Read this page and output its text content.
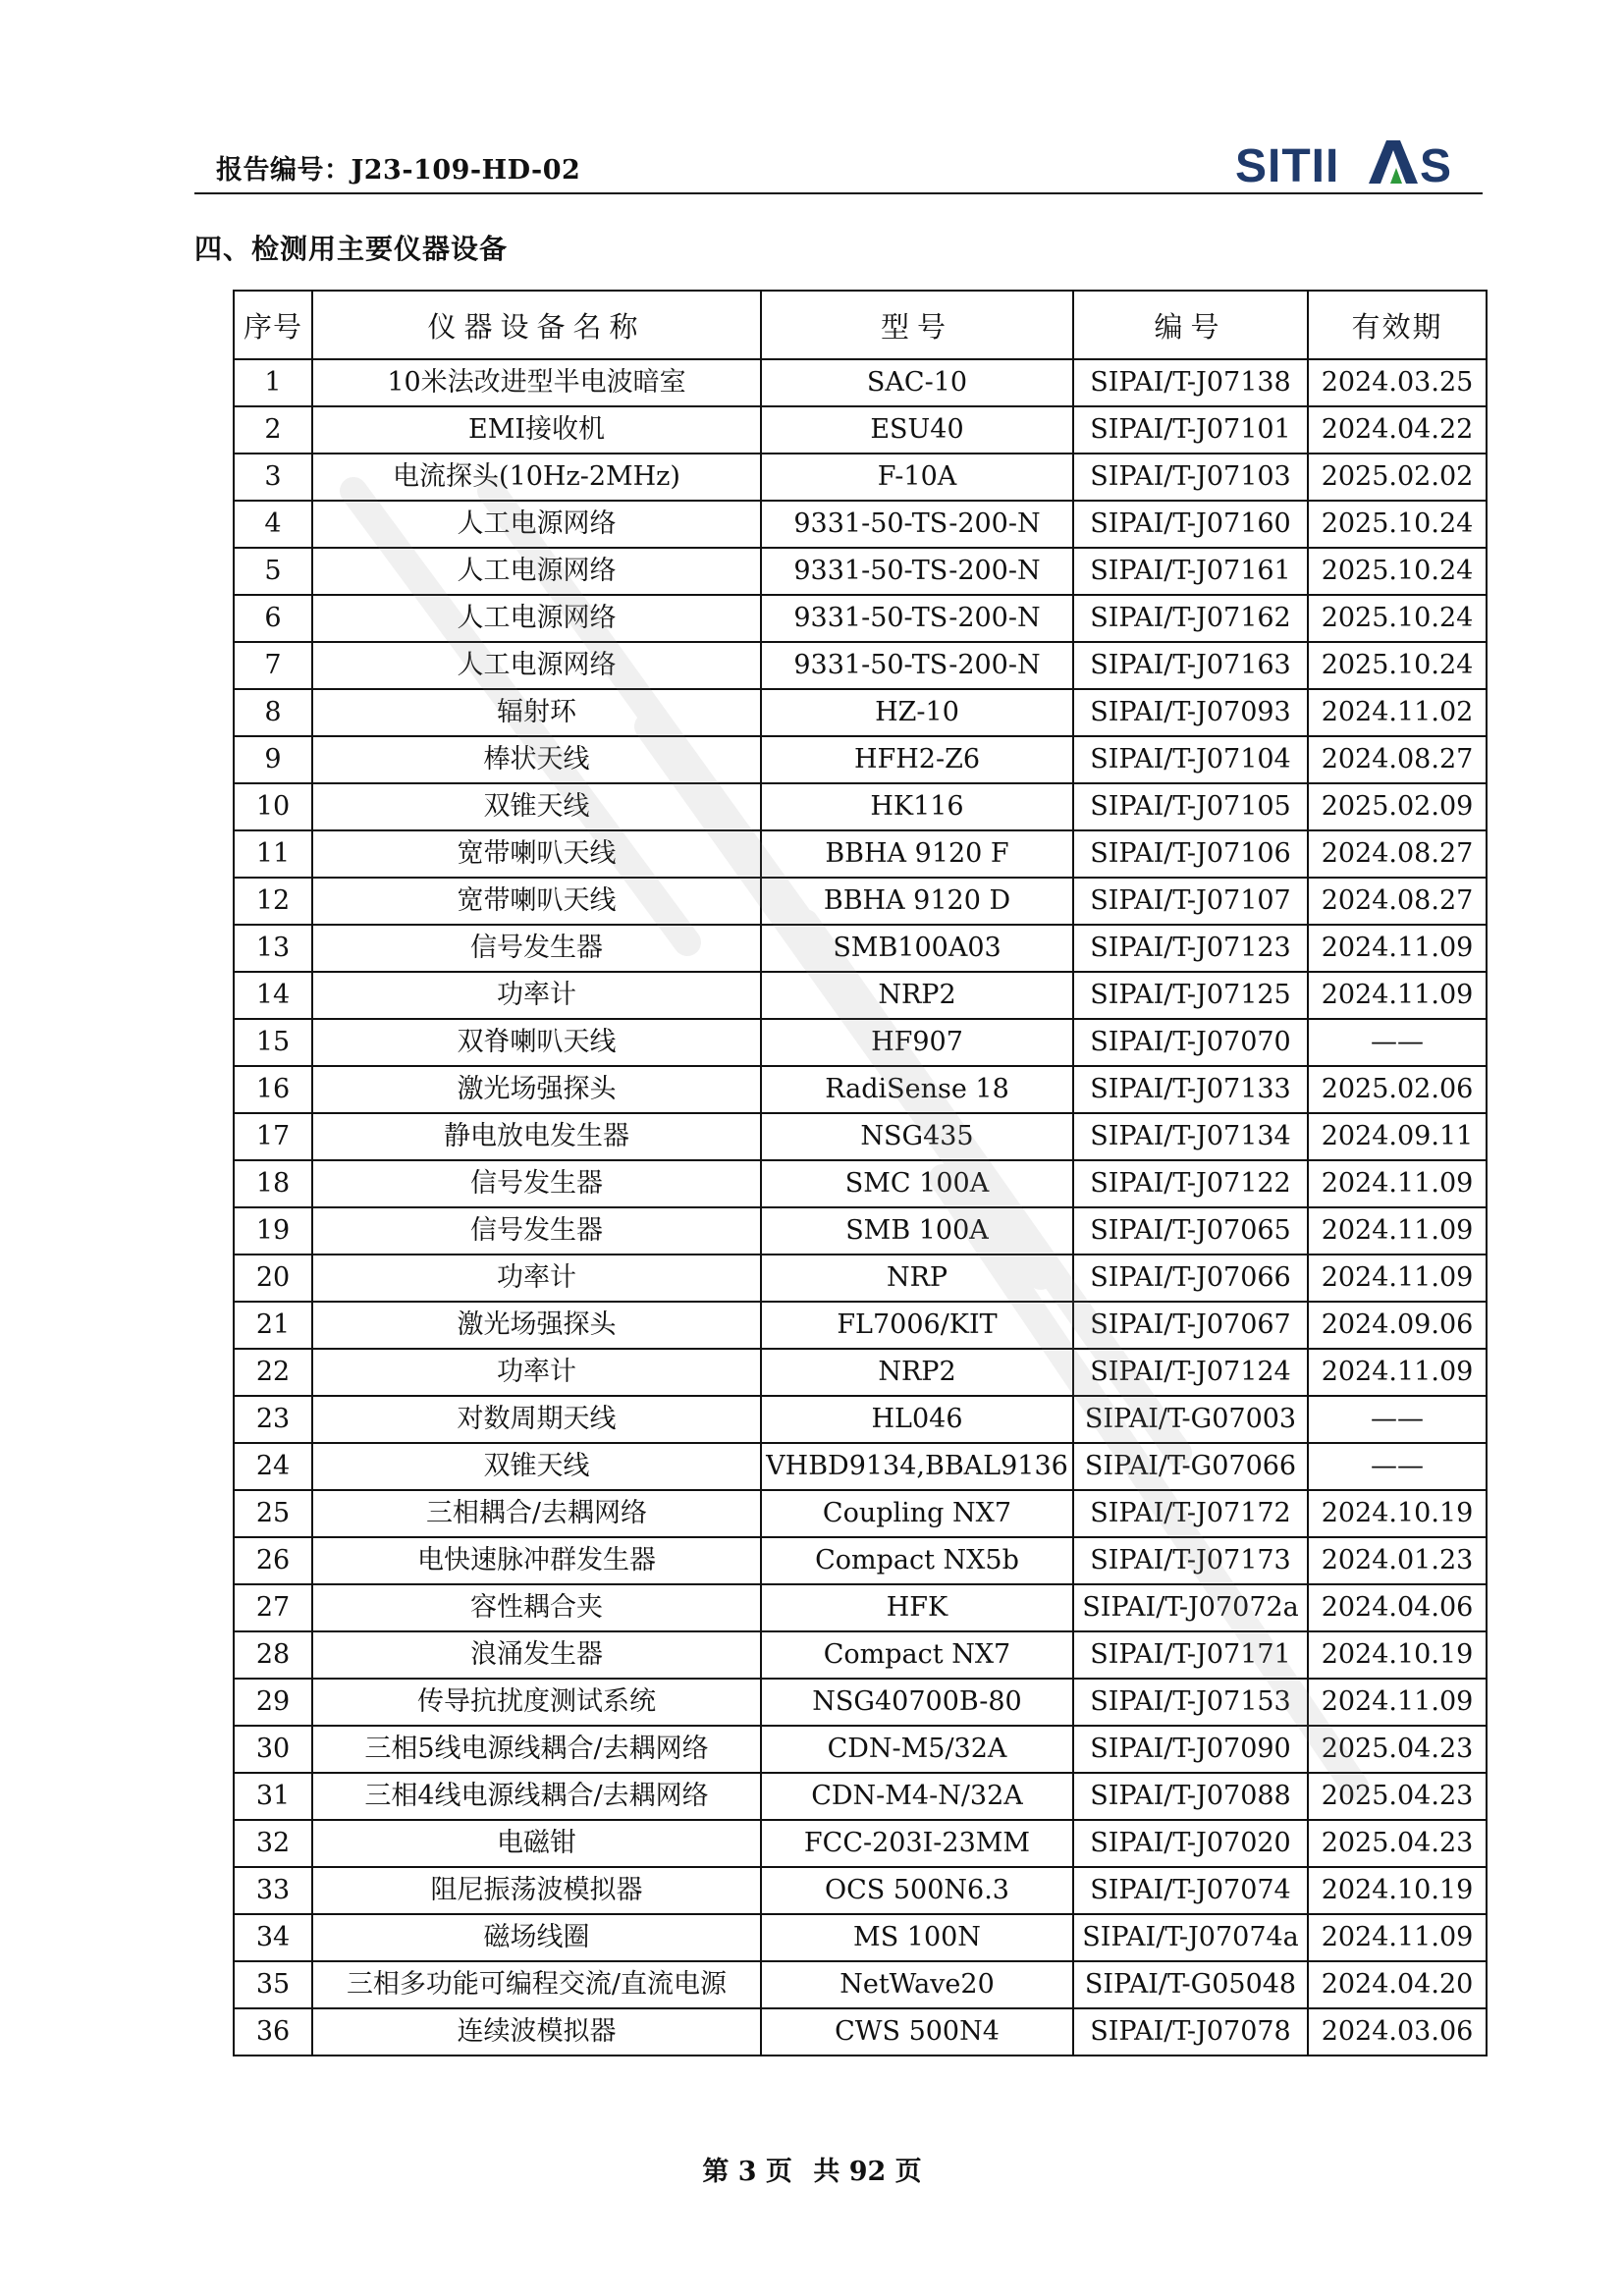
报告编号：J23-109-HD-02	SITII S
四、检测用主要仪器设备
序号	仪器设备名称	型号	编号	有效期
1	10米法改进型半电波暗室	SAC-10	SIPAI/T-J07138	2024.03.25
2	EMI接收机	ESU40	SIPAI/T-J07101	2024.04.22
3	电流探头(10Hz-2MHz)	F-10A	SIPAI/T-J07103	2025.02.02
4	人工电源网络	9331-50-TS-200-N	SIPAI/T-J07160	2025.10.24
5	人工电源网络	9331-50-TS-200-N	SIPAI/T-J07161	2025.10.24
6	人工电源网络	9331-50-TS-200-N	SIPAI/T-J07162	2025.10.24
7	人工电源网络	9331-50-TS-200-N	SIPAI/T-J07163	2025.10.24
8	辐射环	HZ-10	SIPAI/T-J07093	2024.11.02
9	棒状天线	HFH2-Z6	SIPAI/T-J07104	2024.08.27
10	双锥天线	HK116	SIPAI/T-J07105	2025.02.09
11	宽带喇叭天线	BBHA 9120 F	SIPAI/T-J07106	2024.08.27
12	宽带喇叭天线	BBHA 9120 D	SIPAI/T-J07107	2024.08.27
13	信号发生器	SMB100A03	SIPAI/T-J07123	2024.11.09
14	功率计	NRP2	SIPAI/T-J07125	2024.11.09
15	双脊喇叭天线	HF907	SIPAI/T-J07070	——
16	激光场强探头	RadiSense 18	SIPAI/T-J07133	2025.02.06
17	静电放电发生器	NSG435	SIPAI/T-J07134	2024.09.11
18	信号发生器	SMC 100A	SIPAI/T-J07122	2024.11.09
19	信号发生器	SMB 100A	SIPAI/T-J07065	2024.11.09
20	功率计	NRP	SIPAI/T-J07066	2024.11.09
21	激光场强探头	FL7006/KIT	SIPAI/T-J07067	2024.09.06
22	功率计	NRP2	SIPAI/T-J07124	2024.11.09
23	对数周期天线	HL046	SIPAI/T-G07003	——
24	双锥天线	VHBD9134,BBAL9136	SIPAI/T-G07066	——
25	三相耦合/去耦网络	Coupling NX7	SIPAI/T-J07172	2024.10.19
26	电快速脉冲群发生器	Compact NX5b	SIPAI/T-J07173	2024.01.23
27	容性耦合夹	HFK	SIPAI/T-J07072a	2024.04.06
28	浪涌发生器	Compact NX7	SIPAI/T-J07171	2024.10.19
29	传导抗扰度测试系统	NSG40700B-80	SIPAI/T-J07153	2024.11.09
30	三相5线电源线耦合/去耦网络	CDN-M5/32A	SIPAI/T-J07090	2025.04.23
31	三相4线电源线耦合/去耦网络	CDN-M4-N/32A	SIPAI/T-J07088	2025.04.23
32	电磁钳	FCC-203I-23MM	SIPAI/T-J07020	2025.04.23
33	阻尼振荡波模拟器	OCS 500N6.3	SIPAI/T-J07074	2024.10.19
34	磁场线圈	MS 100N	SIPAI/T-J07074a	2024.11.09
35	三相多功能可编程交流/直流电源	NetWave20	SIPAI/T-G05048	2024.04.20
36	连续波模拟器	CWS 500N4	SIPAI/T-J07078	2024.03.06
第 3 页 共 92 页
